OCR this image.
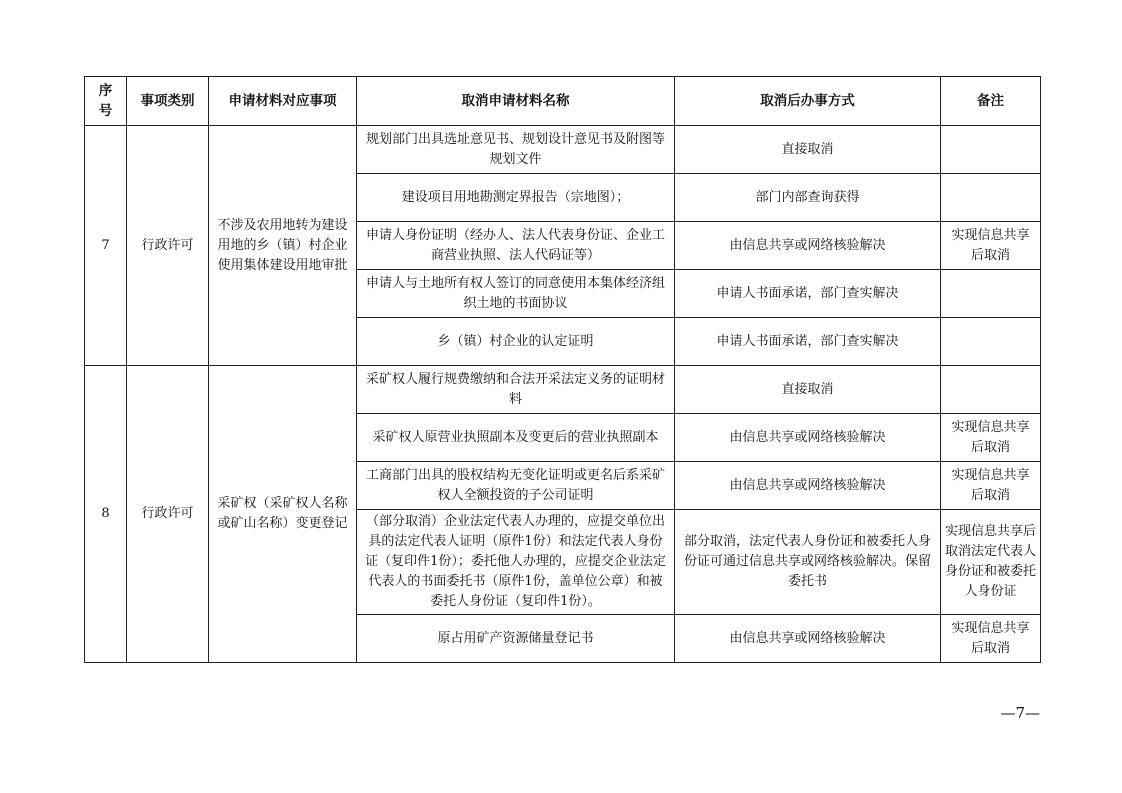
序号	事项类别	申请材料对应事项	取消申请材料名称	取消后办事方式	备注
7	行政许可	不涉及农用地转为建设用地的乡（镇）村企业使用集体建设用地审批	规划部门出具选址意见书、规划设计意见书及附图等规划文件	直接取消	
			建设项目用地勘测定界报告（宗地图）；	部门内部查询获得	
			申请人身份证明（经办人、法人代表身份证、企业工商营业执照、法人代码证等）	由信息共享或网络核验解决	实现信息共享后取消
			申请人与土地所有权人签订的同意使用本集体经济组织土地的书面协议	申请人书面承诺，部门查实解决	
			乡（镇）村企业的认定证明	申请人书面承诺，部门查实解决	
8	行政许可	采矿权（采矿权人名称或矿山名称）变更登记	采矿权人履行规费缴纳和合法开采法定义务的证明材料	直接取消	
			采矿权人原营业执照副本及变更后的营业执照副本	由信息共享或网络核验解决	实现信息共享后取消
			工商部门出具的股权结构无变化证明或更名后系采矿权人全额投资的子公司证明	由信息共享或网络核验解决	实现信息共享后取消
			（部分取消）企业法定代表人办理的，应提交单位出具的法定代表人证明（原件1份）和法定代表人身份证（复印件1份）；委托他人办理的，应提交企业法定代表人的书面委托书（原件1份，盖单位公章）和被委托人身份证（复印件1份）。	部分取消，法定代表人身份证和被委托人身份证可通过信息共享或网络核验解决。保留委托书	实现信息共享后取消法定代表人身份证和被委托人身份证
			原占用矿产资源储量登记书	由信息共享或网络核验解决	实现信息共享后取消
—7—
